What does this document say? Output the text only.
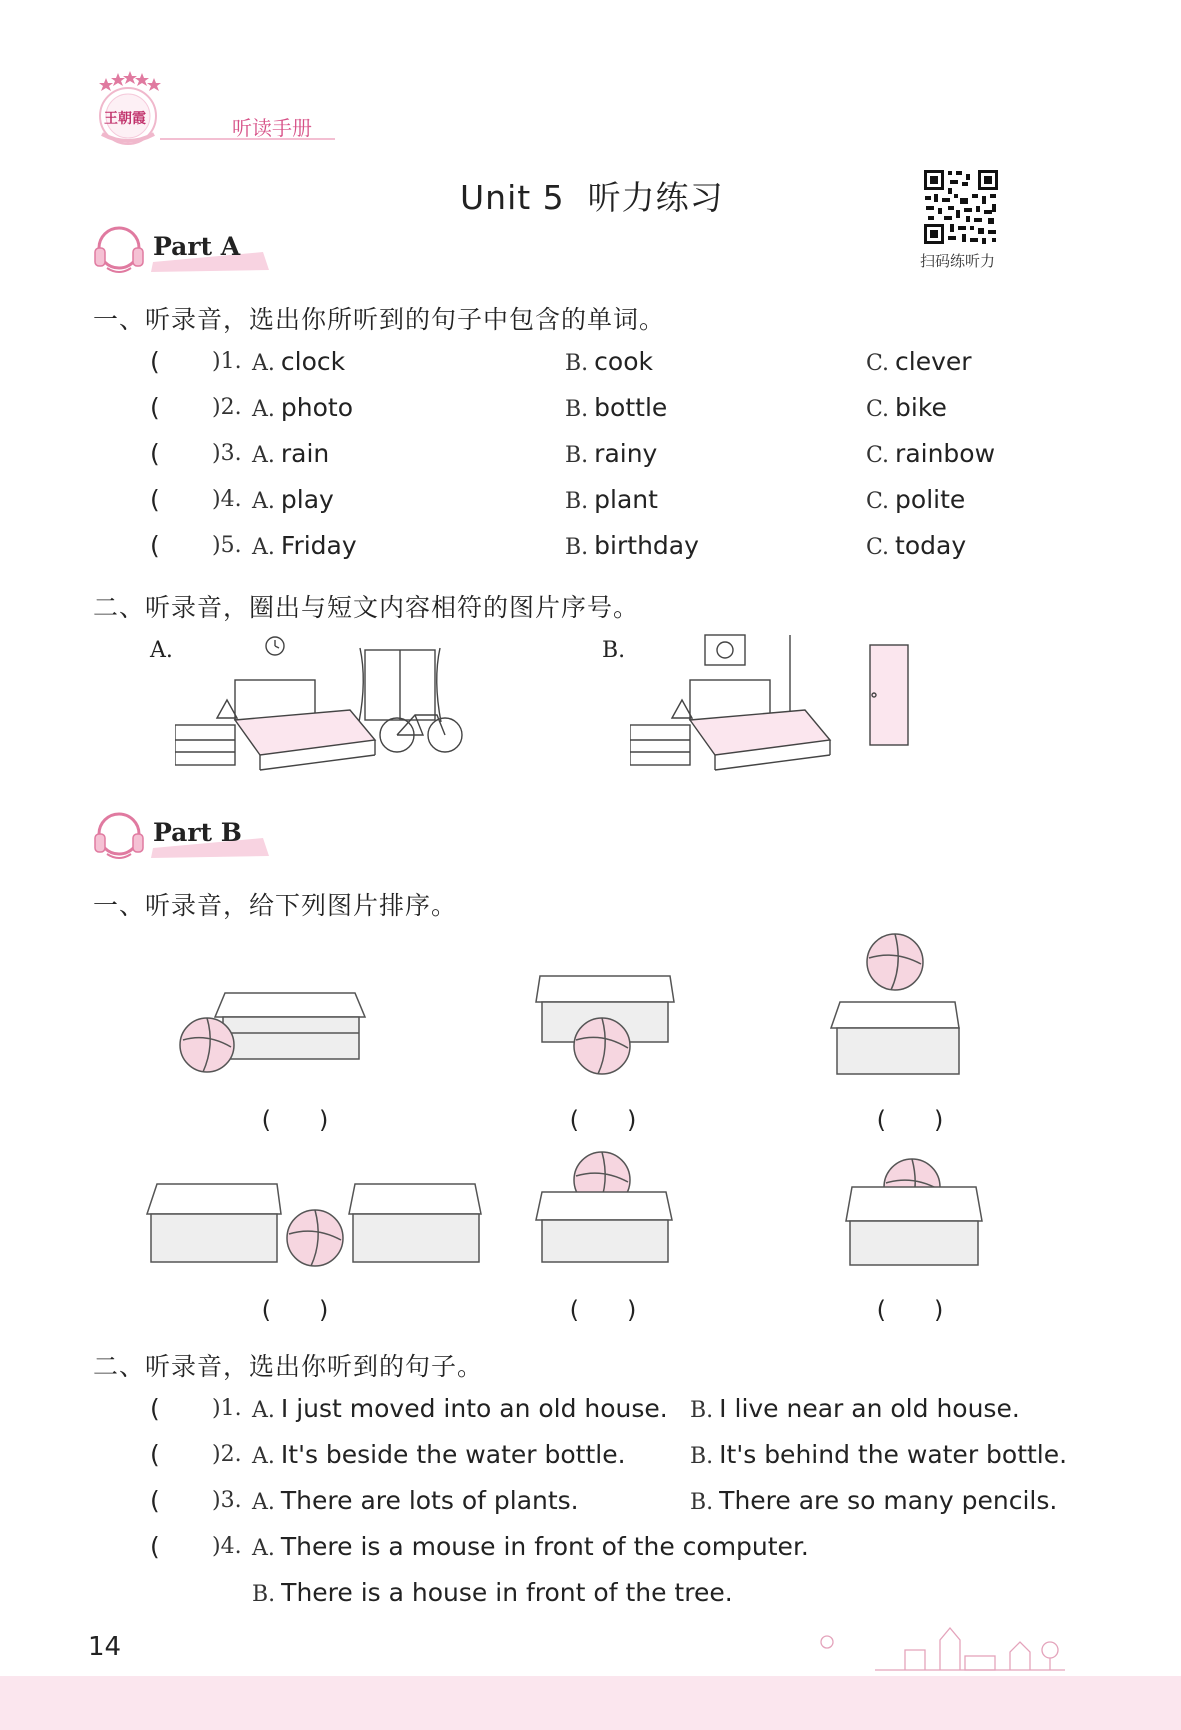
王朝霞	听读手册
Unit 5  听力练习
扫码练听力
Part A
一、听录音，选出你所听到的句子中包含的单词。
( )1. A. clock	B. cook	C. clever
( )2. A. photo	B. bottle	C. bike
( )3. A. rain	B. rainy	C. rainbow
( )4. A. play	B. plant	C. polite
( )5. A. Friday	B. birthday	C. today
二、听录音，圈出与短文内容相符的图片序号。
A.	B.
Part B
一、听录音，给下列图片排序。
(　　)	(　　)	(　　)
(　　)	(　　)	(　　)
二、听录音，选出你听到的句子。
( )1. A. I just moved into an old house. B. I live near an old house.
( )2. A. It's beside the water bottle.	B. It's behind the water bottle.
( )3. A. There are lots of plants.	B. There are so many pencils.
( )4. A. There is a mouse in front of the computer.
B. There is a house in front of the tree.
14
